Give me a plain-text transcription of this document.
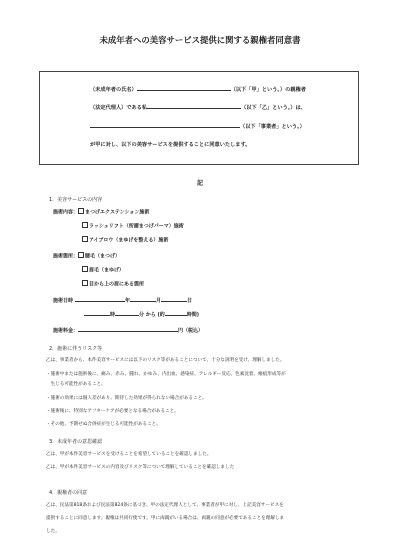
未成年者への美容サービス提供に関する親権者同意書
（未成年者の氏名）	（以下「甲」という。）の親権者
（法定代理人）である私	（以下「乙」という。）は、
（以下「事業者」という。）
が甲に対し、以下の美容サービスを提供することに同意いたします。
記
1．美容サービスの内容
施術内容： まつげエクステンション施術
ラッシュリフト（所謂まつげパーマ）施術
アイブロウ（まゆげを整える）施術
施術箇所： 睫毛（まつげ）
眉毛（まゆげ）
目から上の眉にある箇所
施術日時	年	月	日
時	分 から (約	時間)
施術料金：	円（税込）
2．施術に伴うリスク等
乙は、事業者から、本件美容サービスには以下のリスク等があることについて、十分な説明を受け、理解しました。
・施術中または施術後に、痛み、赤み、腫れ、かゆみ、内出血、感染症、アレルギー反応、色素沈着、瘢痕形成等が
　生じる可能性があること。
・施術の効果には個人差があり、期待した効果が得られない場合があること。
・施術後に、特別なアフターケアが必要となる場合があること。
・その他、予期せぬ合併症が生じる可能性があること。
3．未成年者の意思確認
乙は、甲が本件美容サービスを受けることを希望していることを確認しました。
乙は、甲が本件美容サービスの内容及びリスク等について理解していることを確認しました
4．親権者の同意
乙は、民法第818条および民法第824条に基づき、甲の法定代理人として、事業者が甲に対し、上記美容サービスを
提供することに同意します。親権は共同行使です。甲に両親がいる場合は、両親の同意が必要であることを理解しま
した。
